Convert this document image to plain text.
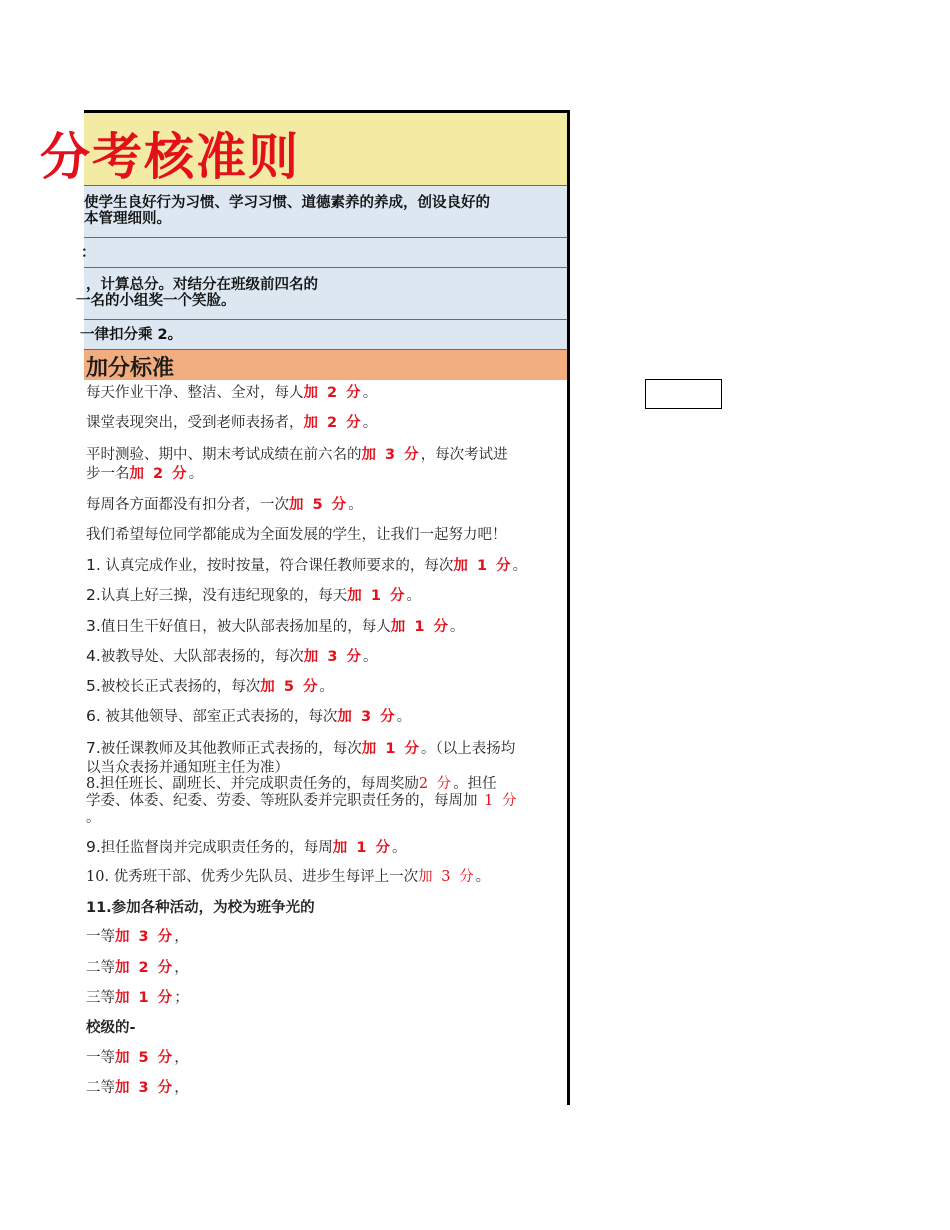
分考核准则
使学生良好行为习惯、学习习惯、道德素养的养成，创设良好的
本管理细则。
：
，计算总分。对结分在班级前四名的
一名的小组奖一个笑脸。
一律扣分乘 2。
加分标准
每天作业干净、整洁、全对，每人加 2 分。
课堂表现突出，受到老师表扬者，加 2 分。
平时测验、期中、期末考试成绩在前六名的加 3 分，每次考试进
步一名加 2 分。
每周各方面都没有扣分者，一次加 5 分。
我们希望每位同学都能成为全面发展的学生，让我们一起努力吧！
1. 认真完成作业，按时按量，符合课任教师要求的，每次加 1 分。
2.认真上好三操，没有违纪现象的，每天加 1 分。
3.值日生干好值日，被大队部表扬加星的，每人加 1 分。
4.被教导处、大队部表扬的，每次加 3 分。
5.被校长正式表扬的，每次加 5 分。
6. 被其他领导、部室正式表扬的，每次加 3 分。
7.被任课教师及其他教师正式表扬的，每次加 1 分。（以上表扬均
以当众表扬并通知班主任为准）
8.担任班长、副班长、并完成职责任务的，每周奖励2 分。担任
学委、体委、纪委、劳委、等班队委并完职责任务的，每周加 1 分
。
9.担任监督岗并完成职责任务的，每周加 1 分。
10. 优秀班干部、优秀少先队员、进步生每评上一次加 3 分。
11.参加各种活动，为校为班争光的
一等加 3 分，
二等加 2 分，
三等加 1 分；
校级的-
一等加 5 分，
二等加 3 分，
